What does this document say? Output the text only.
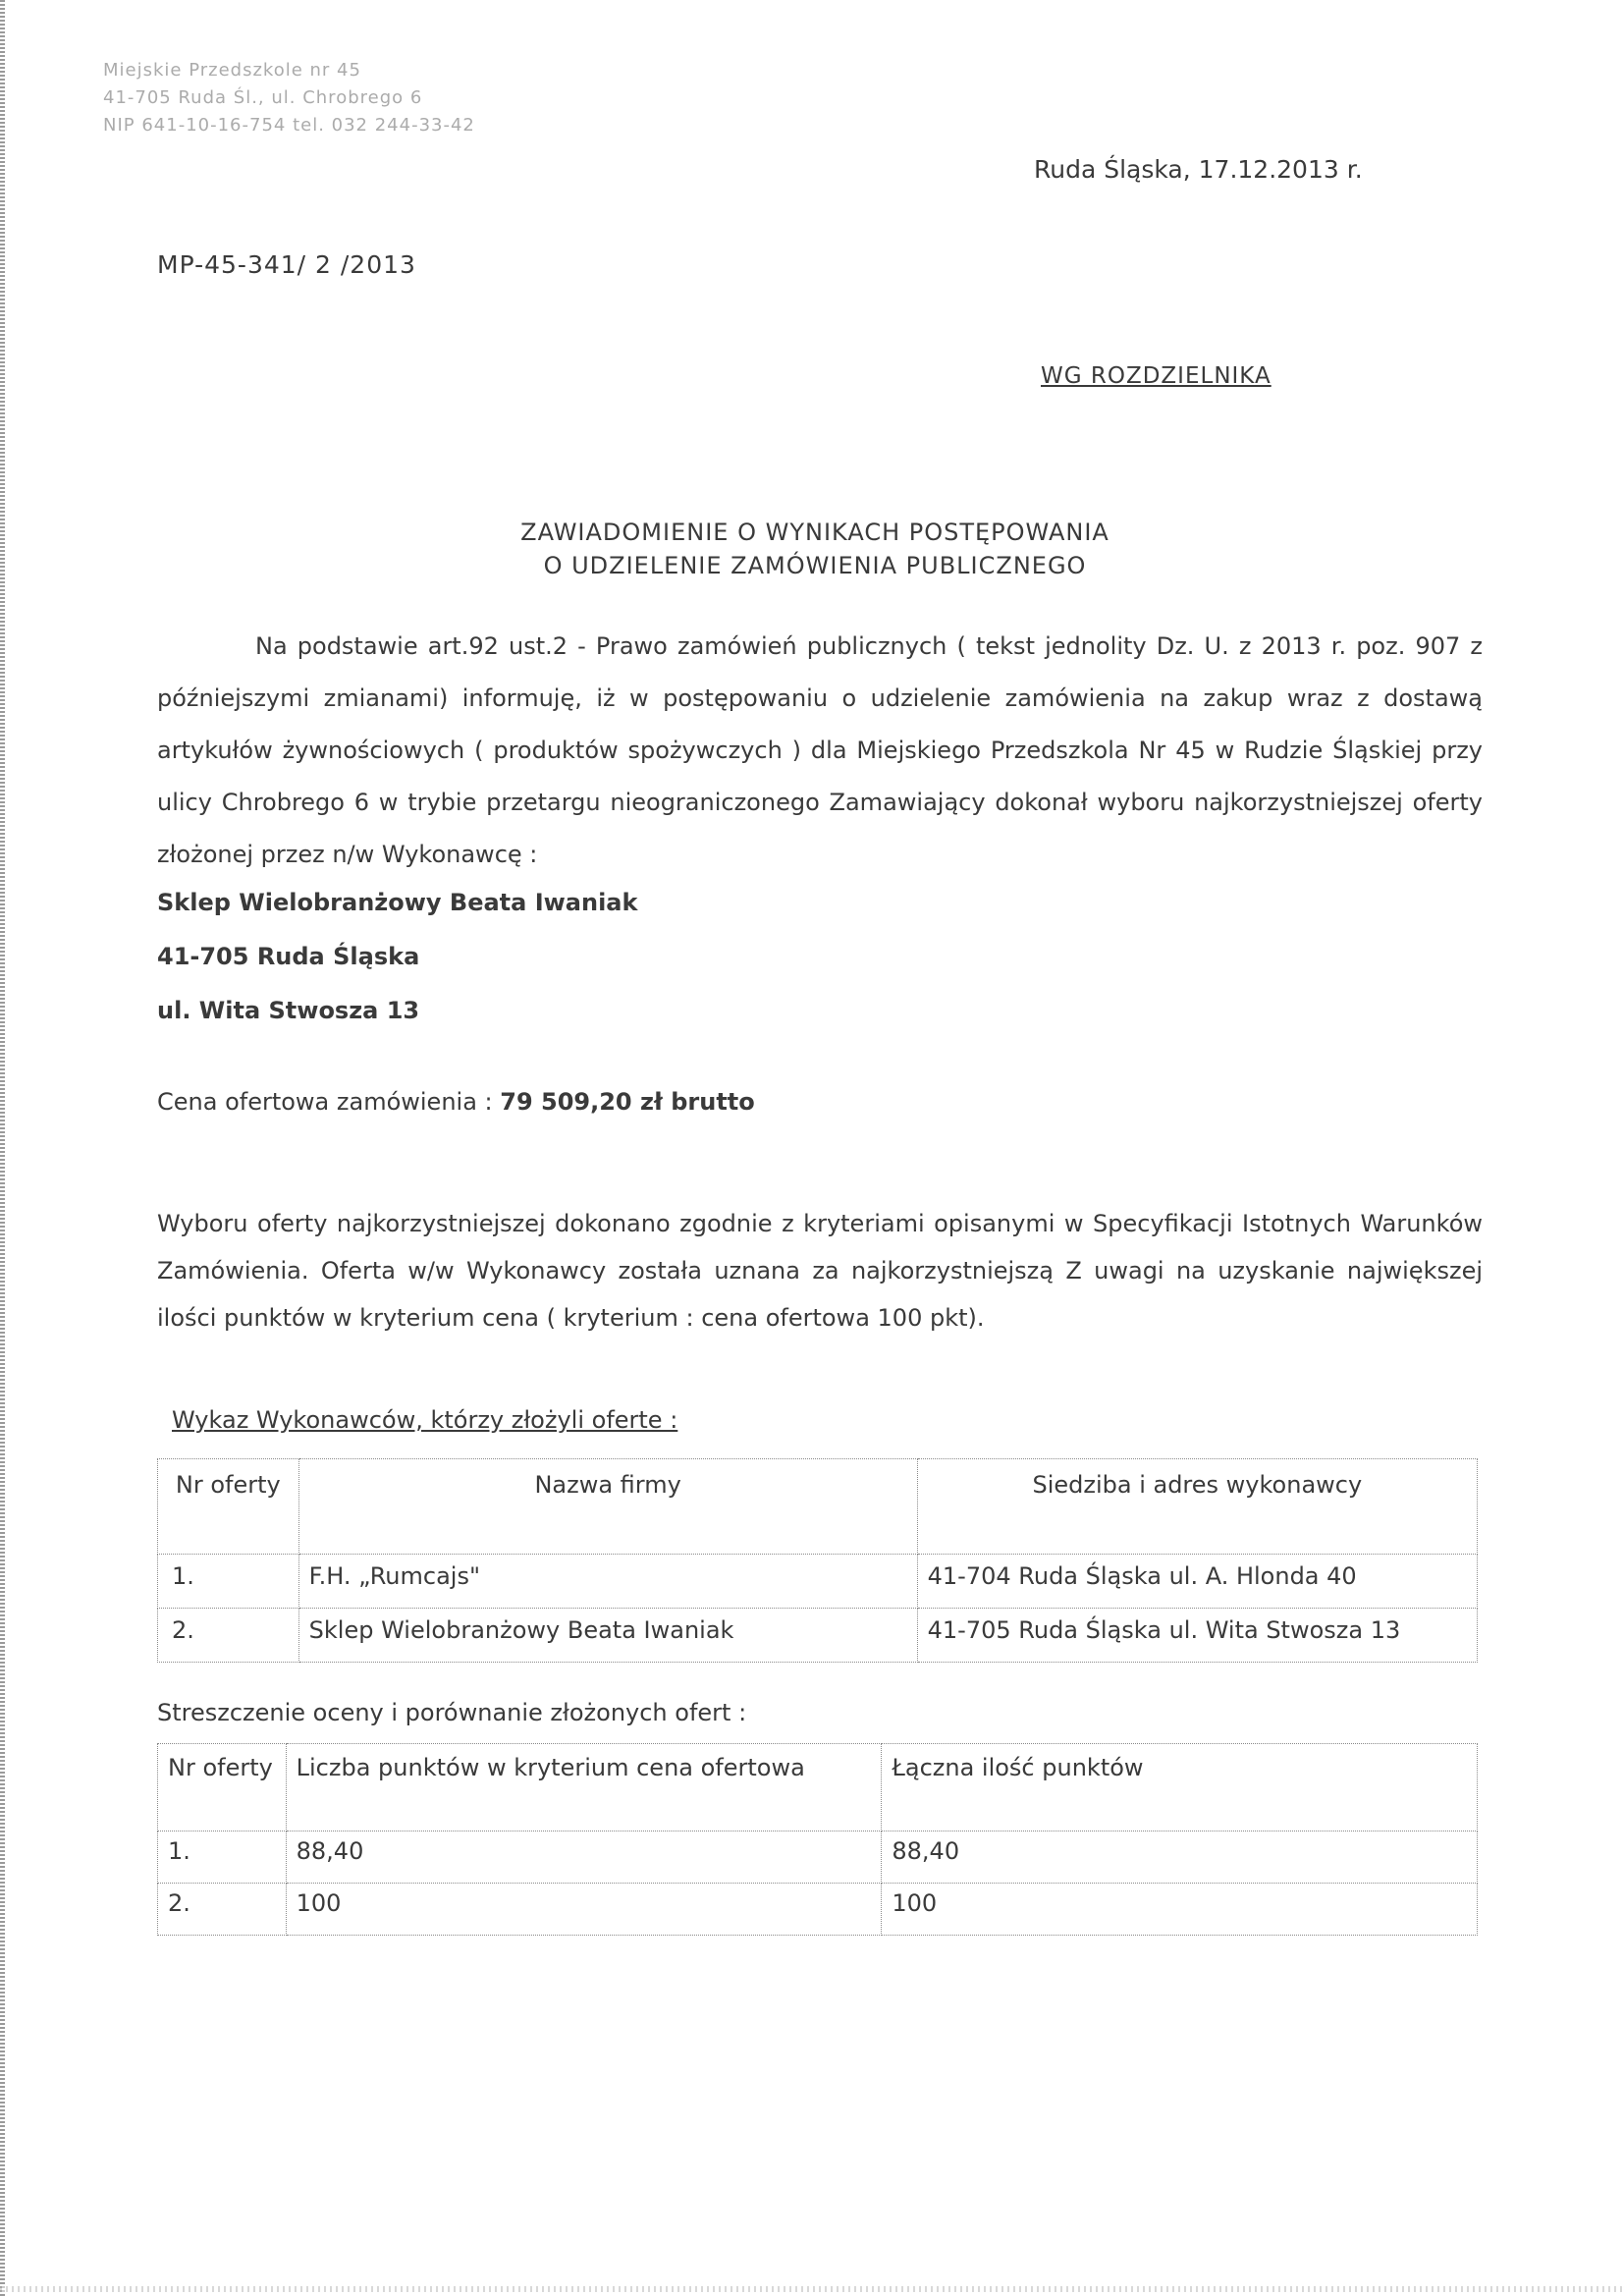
Miejskie Przedszkole nr 45
41-705 Ruda Śl., ul. Chrobrego 6
NIP 641-10-16-754 tel. 032 244-33-42
Ruda Śląska, 17.12.2013 r.
MP-45-341/ 2 /2013
WG ROZDZIELNIKA
ZAWIADOMIENIE O WYNIKACH POSTĘPOWANIA
O UDZIELENIE ZAMÓWIENIA PUBLICZNEGO
Na podstawie art.92 ust.2 - Prawo zamówień publicznych ( tekst jednolity Dz. U. z 2013 r. poz. 907 z późniejszymi zmianami) informuję, iż w postępowaniu o udzielenie zamówienia na zakup wraz z dostawą artykułów żywnościowych ( produktów spożywczych ) dla Miejskiego Przedszkola Nr 45 w Rudzie Śląskiej przy ulicy Chrobrego 6 w trybie przetargu nieograniczonego Zamawiający dokonał wyboru najkorzystniejszej oferty złożonej przez n/w Wykonawcę :
Sklep Wielobranżowy Beata Iwaniak
41-705 Ruda Śląska
ul. Wita Stwosza 13
Cena ofertowa zamówienia : 79 509,20 zł brutto
Wyboru oferty najkorzystniejszej dokonano zgodnie z kryteriami opisanymi w Specyfikacji Istotnych Warunków Zamówienia. Oferta w/w Wykonawcy została uznana za najkorzystniejszą Z uwagi na uzyskanie największej ilości punktów w kryterium cena ( kryterium : cena ofertowa 100 pkt).
Wykaz Wykonawców, którzy złożyli oferte :
Nr oferty	Nazwa firmy	Siedziba i adres wykonawcy
1.	F.H. „Rumcajs"	41-704 Ruda Śląska ul. A. Hlonda 40
2.	Sklep Wielobranżowy Beata Iwaniak	41-705 Ruda Śląska ul. Wita Stwosza 13
Streszczenie oceny i porównanie złożonych ofert :
Nr oferty	Liczba punktów w kryterium cena ofertowa	Łączna ilość punktów
1.	88,40	88,40
2.	100	100
